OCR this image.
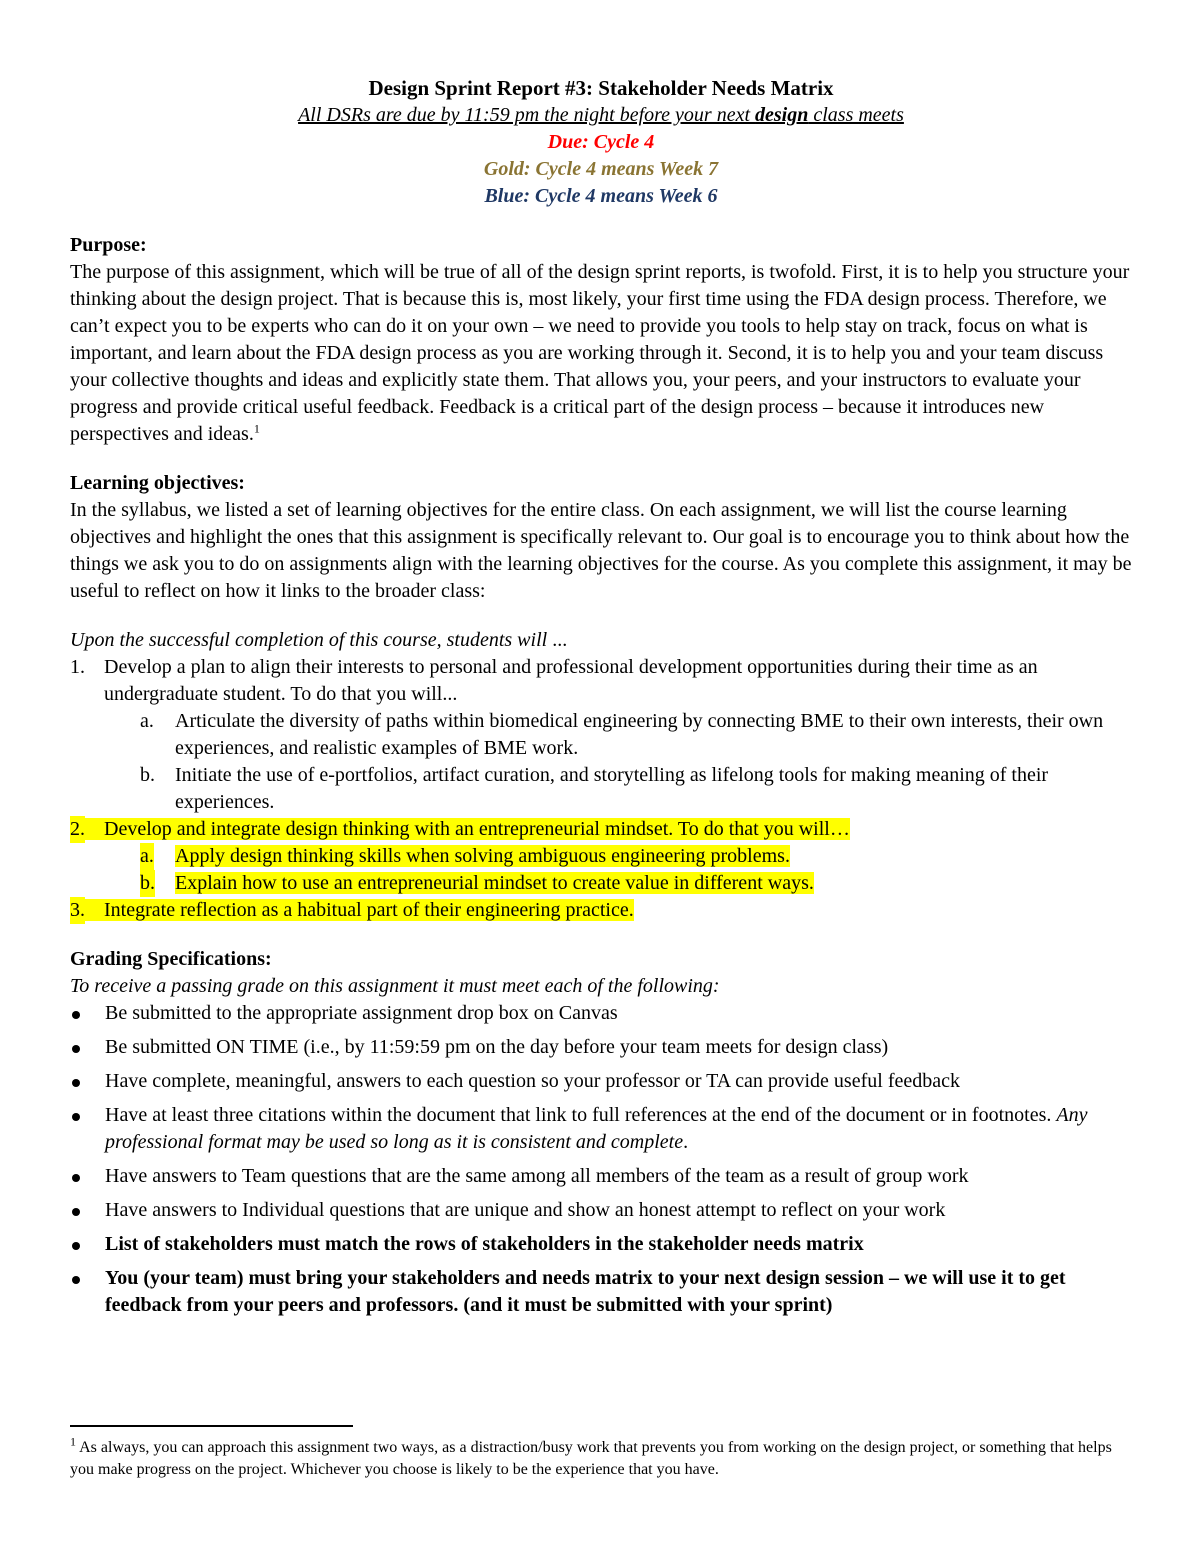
Design Sprint Report #3: Stakeholder Needs Matrix
All DSRs are due by 11:59 pm the night before your next design class meets
Due: Cycle 4
Gold: Cycle 4 means Week 7
Blue: Cycle 4 means Week 6
Purpose:
The purpose of this assignment, which will be true of all of the design sprint reports, is twofold. First, it is to help you structure your thinking about the design project. That is because this is, most likely, your first time using the FDA design process. Therefore, we can’t expect you to be experts who can do it on your own – we need to provide you tools to help stay on track, focus on what is important, and learn about the FDA design process as you are working through it. Second, it is to help you and your team discuss your collective thoughts and ideas and explicitly state them. That allows you, your peers, and your instructors to evaluate your progress and provide critical useful feedback. Feedback is a critical part of the design process – because it introduces new perspectives and ideas.$^1$
Learning objectives:
In the syllabus, we listed a set of learning objectives for the entire class. On each assignment, we will list the course learning objectives and highlight the ones that this assignment is specifically relevant to. Our goal is to encourage you to think about how the things we ask you to do on assignments align with the learning objectives for the course. As you complete this assignment, it may be useful to reflect on how it links to the broader class:
Upon the successful completion of this course, students will ...
1. Develop a plan to align their interests to personal and professional development opportunities during their time as an undergraduate student. To do that you will...
a. Articulate the diversity of paths within biomedical engineering by connecting BME to their own interests, their own experiences, and realistic examples of BME work.
b. Initiate the use of e-portfolios, artifact curation, and storytelling as lifelong tools for making meaning of their experiences.
2. Develop and integrate design thinking with an entrepreneurial mindset. To do that you will…
a. Apply design thinking skills when solving ambiguous engineering problems.
b. Explain how to use an entrepreneurial mindset to create value in different ways.
3. Integrate reflection as a habitual part of their engineering practice.
Grading Specifications:
To receive a passing grade on this assignment it must meet each of the following:
Be submitted to the appropriate assignment drop box on Canvas
Be submitted ON TIME (i.e., by 11:59:59 pm on the day before your team meets for design class)
Have complete, meaningful, answers to each question so your professor or TA can provide useful feedback
Have at least three citations within the document that link to full references at the end of the document or in footnotes. Any professional format may be used so long as it is consistent and complete.
Have answers to Team questions that are the same among all members of the team as a result of group work
Have answers to Individual questions that are unique and show an honest attempt to reflect on your work
List of stakeholders must match the rows of stakeholders in the stakeholder needs matrix
You (your team) must bring your stakeholders and needs matrix to your next design session – we will use it to get feedback from your peers and professors. (and it must be submitted with your sprint)
$^1$ As always, you can approach this assignment two ways, as a distraction/busy work that prevents you from working on the design project, or something that helps you make progress on the project. Whichever you choose is likely to be the experience that you have.
